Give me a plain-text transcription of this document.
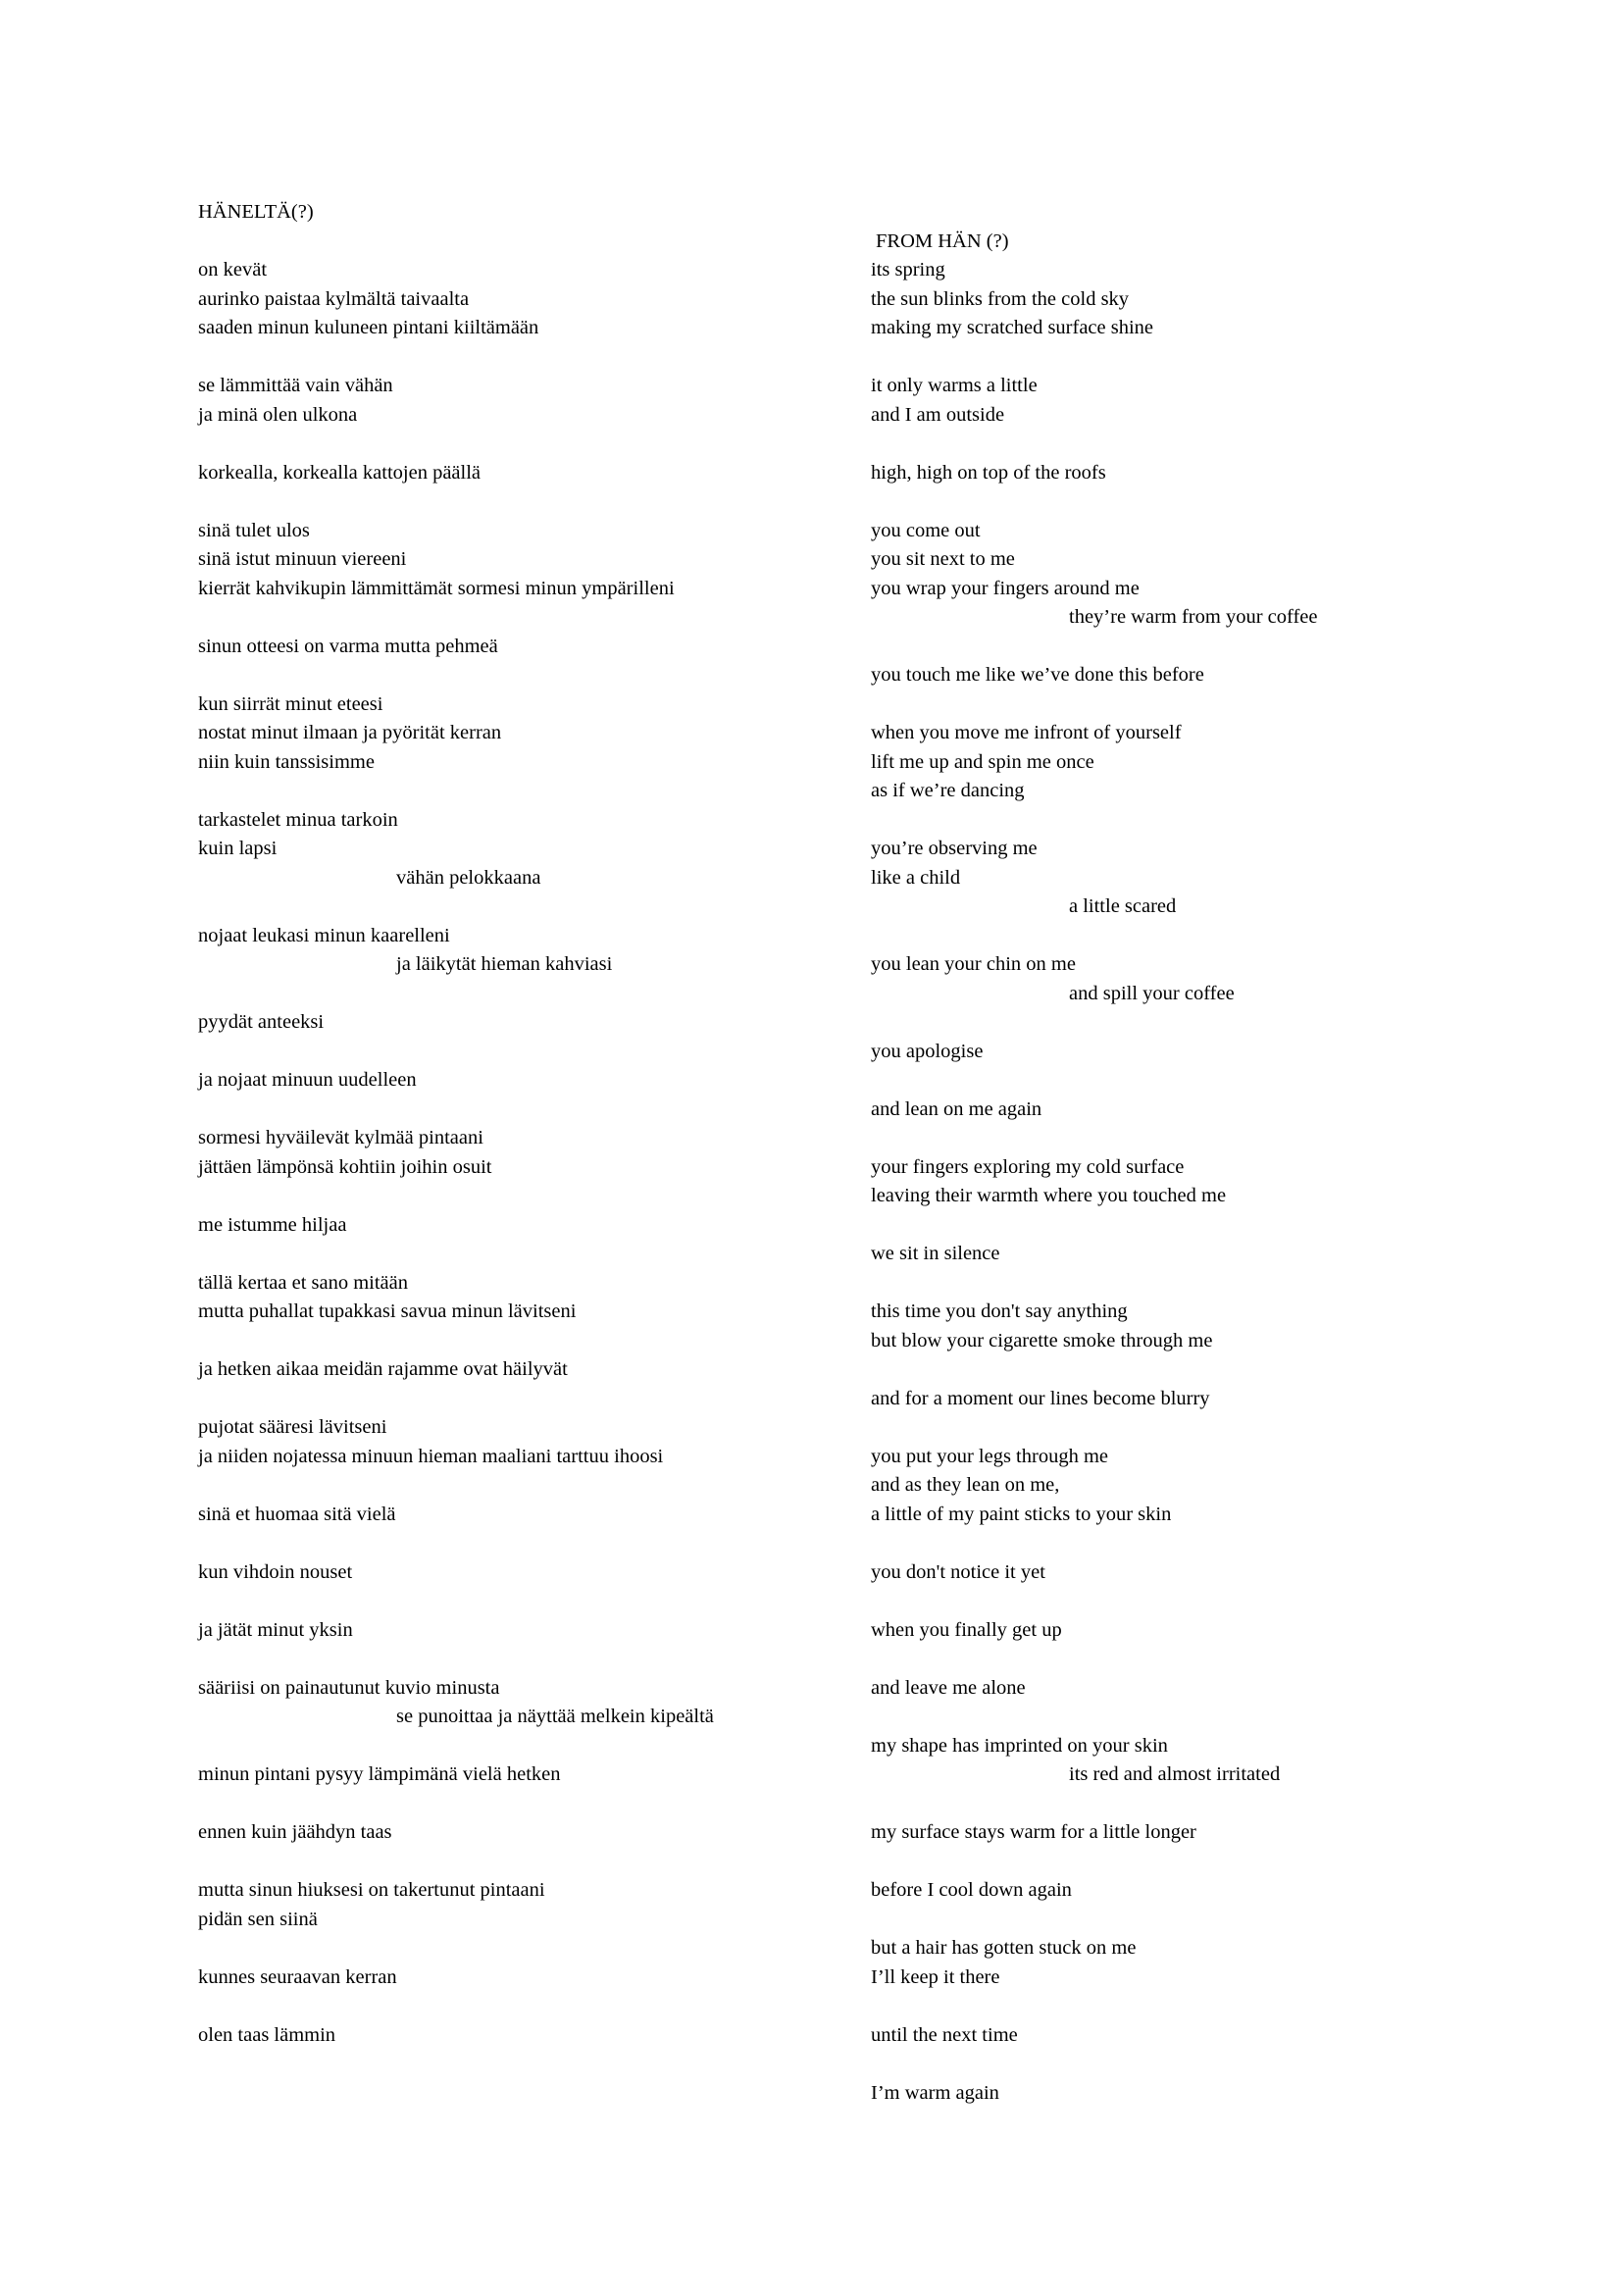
HÄNELTÄ(?)
on kevät
aurinko paistaa kylmältä taivaalta
saaden minun kuluneen pintani kiiltämään
se lämmittää vain vähän
ja minä olen ulkona
korkealla, korkealla kattojen päällä
sinä tulet ulos
sinä istut minuun viereeni
kierrät kahvikupin lämmittämät sormesi minun ympärilleni
sinun otteesi on varma mutta pehmeä
kun siirrät minut eteesi
nostat minut ilmaan ja pyörität kerran
niin kuin tanssisimme
tarkastelet minua tarkoin
kuin lapsi
vähän pelokkaana
nojaat leukasi minun kaarelleni
ja läikytät hieman kahviasi
pyydät anteeksi
ja nojaat minuun uudelleen
sormesi hyväilevät kylmää pintaani
jättäen lämpönsä kohtiin joihin osuit
me istumme hiljaa
tällä kertaa et sano mitään
mutta puhallat tupakkasi savua minun lävitseni
ja hetken aikaa meidän rajamme ovat häilyvät
pujotat sääresi lävitseni
ja niiden nojatessa minuun hieman maaliani tarttuu ihoosi
sinä et huomaa sitä vielä
kun vihdoin nouset
ja jätät minut yksin
sääriisi on painautunut kuvio minusta
se punoittaa ja näyttää melkein kipeältä
minun pintani pysyy lämpimänä vielä hetken
ennen kuin jäähdyn taas
mutta sinun hiuksesi on takertunut pintaani
pidän sen siinä
kunnes seuraavan kerran
olen taas lämmin
FROM HÄN (?)
its spring
the sun blinks from the cold sky
making my scratched surface shine
it only warms a little
and I am outside
high, high on top of the roofs
you come out
you sit next to me
you wrap your fingers around me
they’re warm from your coffee
you touch me like we’ve done this before
when you move me infront of yourself
lift me up and spin me once
as if we’re dancing
you’re observing me
like a child
a little scared
you lean your chin on me
and spill your coffee
you apologise
and lean on me again
your fingers exploring my cold surface
leaving their warmth where you touched me
we sit in silence
this time you don't say anything
but blow your cigarette smoke through me
and for a moment our lines become blurry
you put your legs through me
and as they lean on me,
a little of my paint sticks to your skin
you don't notice it yet
when you finally get up
and leave me alone
my shape has imprinted on your skin
its red and almost irritated
my surface stays warm for a little longer
before I cool down again
but a hair has gotten stuck on me
I’ll keep it there
until the next time
I’m warm again
